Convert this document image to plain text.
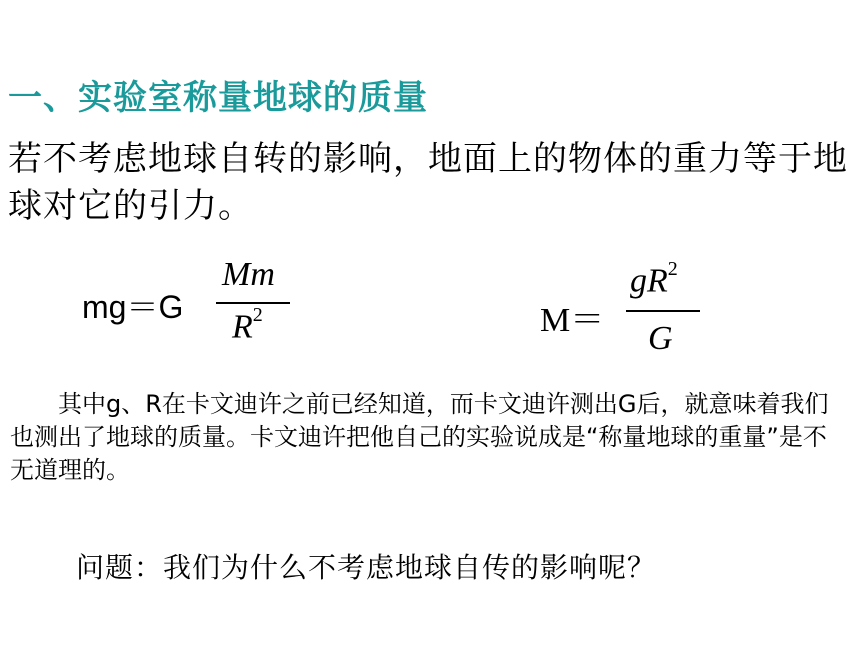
一、实验室称量地球的质量
若不考虑地球自转的影响，地面上的物体的重力等于地球对它的引力。
mg＝G
Mm
$R^2$	M＝
$gR^2$
G
　　其中g、R在卡文迪许之前已经知道，而卡文迪许测出G后，就意味着我们也测出了地球的质量。卡文迪许把他自己的实验说成是“称量地球的重量”是不无道理的。
问题：我们为什么不考虑地球自传的影响呢？
